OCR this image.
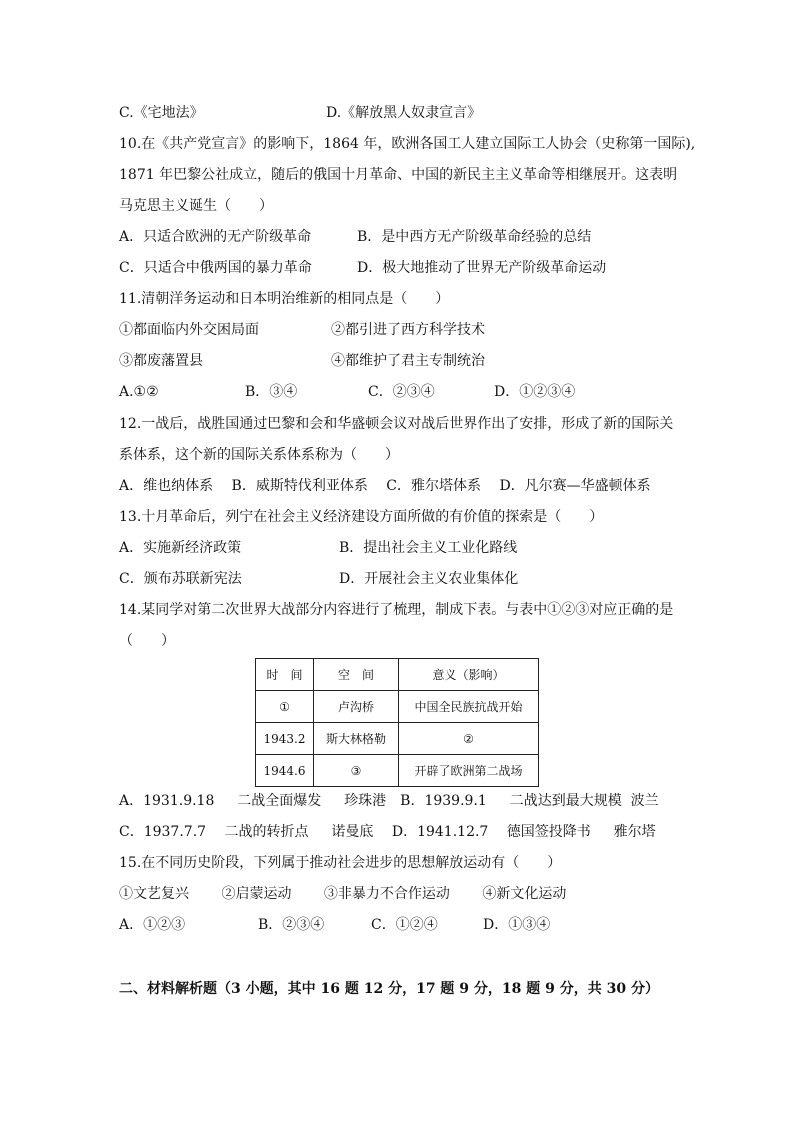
C.《宅地法》	D.《解放黑人奴隶宣言》
10.在《共产党宣言》的影响下，1864 年，欧洲各国工人建立国际工人协会（史称第一国际),
1871 年巴黎公社成立，随后的俄国十月革命、中国的新民主主义革命等相继展开。这表明
马克思主义诞生（　　）
A．只适合欧洲的无产阶级革命	B．是中西方无产阶级革命经验的总结
C．只适合中俄两国的暴力革命	D．极大地推动了世界无产阶级革命运动
11.清朝洋务运动和日本明治维新的相同点是（　　）
①都面临内外交困局面	②都引进了西方科学技术
③都废藩置县	④都维护了君主专制统治
A.①②	B．③④	C．②③④	D．①②③④
12.一战后，战胜国通过巴黎和会和华盛顿会议对战后世界作出了安排，形成了新的国际关
系体系，这个新的国际关系体系称为（　　）
A．维也纳体系　 B．威斯特伐利亚体系　 C．雅尔塔体系　 D．凡尔赛—华盛顿体系
13.十月革命后，列宁在社会主义经济建设方面所做的有价值的探索是（　　）
A．实施新经济政策	B．提出社会主义工业化路线
C．颁布苏联新宪法	D．开展社会主义农业集体化
14.某同学对第二次世界大战部分内容进行了梳理，制成下表。与表中①②③对应正确的是
（　　）
时　间	空　间	意义（影响）
①	卢沟桥	中国全民族抗战开始
1943.2	斯大林格勒	②
1944.6	③	开辟了欧洲第二战场
A．1931.9.18　  二战全面爆发　  珍珠港　B．1939.9.1　  二战达到最大规模  波兰
C．1937.7.7　 二战的转折点　  诺曼底　 D．1941.12.7　 德国签投降书　  雅尔塔
15.在不同历史阶段，下列属于推动社会进步的思想解放运动有（　　）
①文艺复兴　　 ②启蒙运动　　 ③非暴力不合作运动　　 ④新文化运动
A．①②③	B．②③④	C．①②④	D．①③④
二、材料解析题（3 小题，其中 16 题 12 分，17 题 9 分，18 题 9 分，共 30 分）
